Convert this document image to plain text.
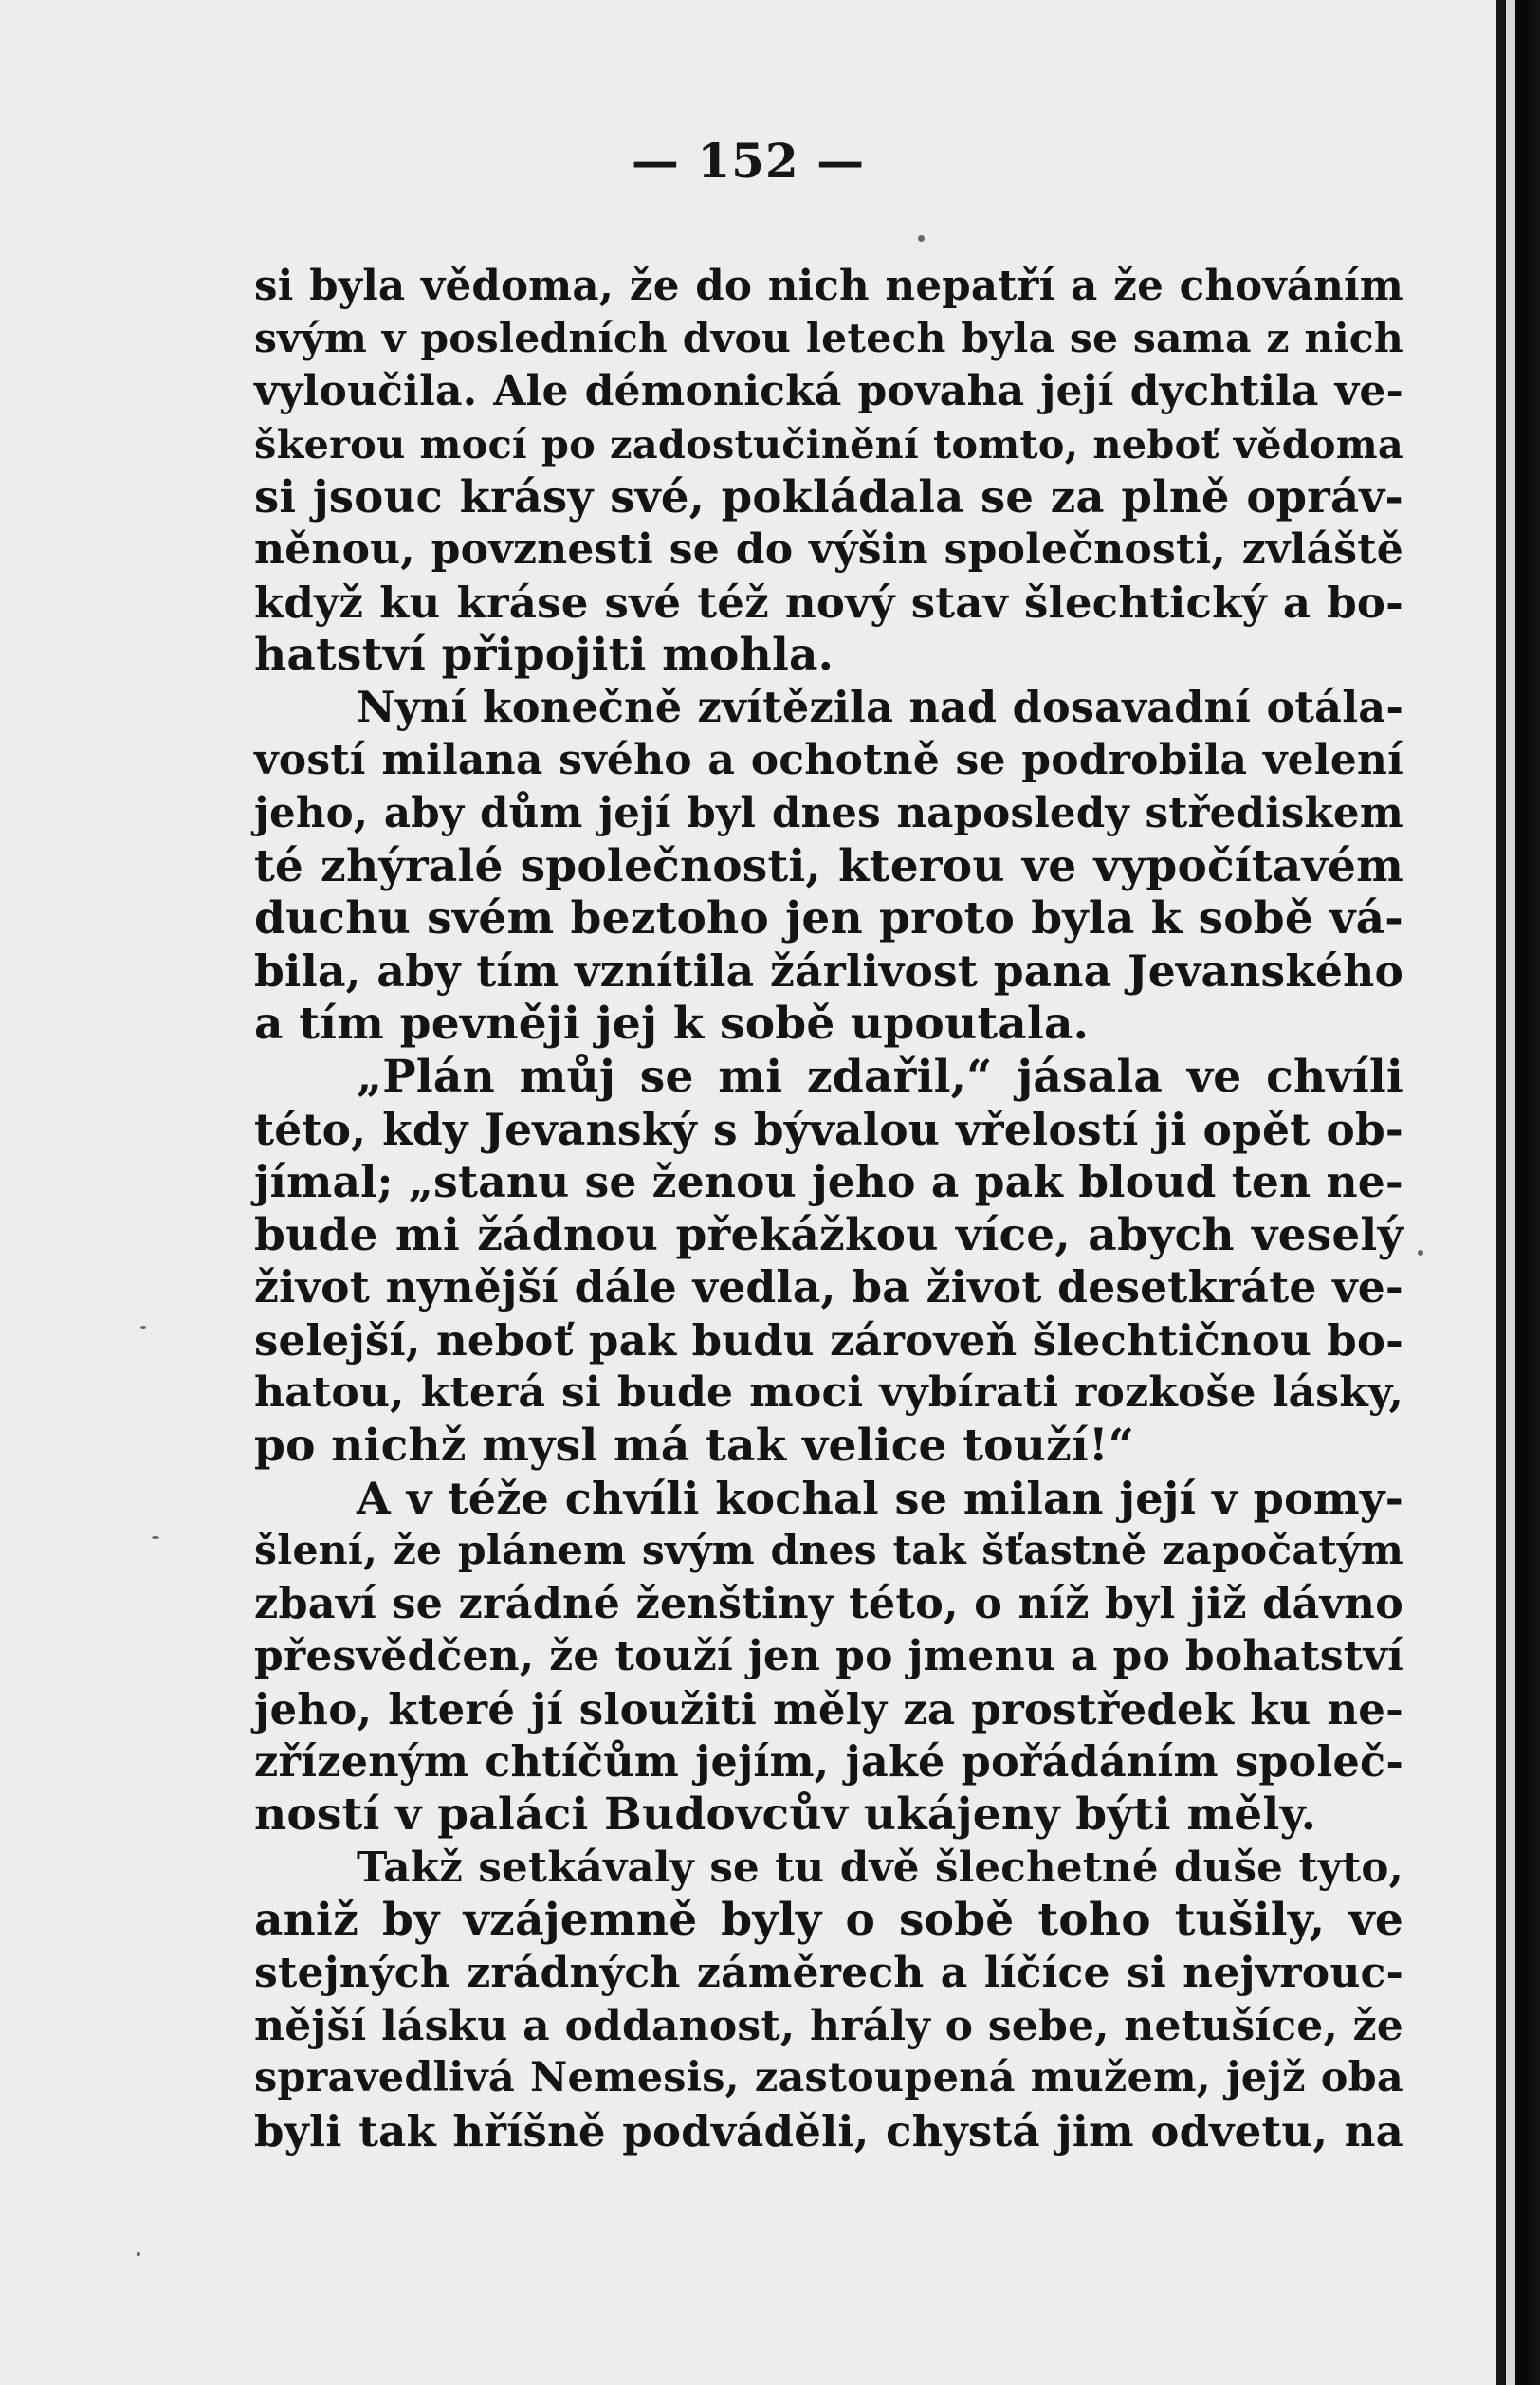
— 152 —
si byla vědoma, že do nich nepatří a že chováním
svým v posledních dvou letech byla se sama z nich
vyloučila. Ale démonická povaha její dychtila ve-
škerou mocí po zadostučinění tomto, neboť vědoma
si jsouc krásy své, pokládala se za plně opráv-
něnou, povznesti se do výšin společnosti, zvláště
když ku kráse své též nový stav šlechtický a bo-
hatství připojiti mohla.
Nyní konečně zvítězila nad dosavadní otála-
vostí milana svého a ochotně se podrobila velení
jeho, aby dům její byl dnes naposledy střediskem
té zhýralé společnosti, kterou ve vypočítavém
duchu svém beztoho jen proto byla k sobě vá-
bila, aby tím vznítila žárlivost pana Jevanského
a tím pevněji jej k sobě upoutala.
„Plán můj se mi zdařil,“ jásala ve chvíli
této, kdy Jevanský s bývalou vřelostí ji opět ob-
jímal; „stanu se ženou jeho a pak bloud ten ne-
bude mi žádnou překážkou více, abych veselý
život nynější dále vedla, ba život desetkráte ve-
selejší, neboť pak budu zároveň šlechtičnou bo-
hatou, která si bude moci vybírati rozkoše lásky,
po nichž mysl má tak velice touží!“
A v téže chvíli kochal se milan její v pomy-
šlení, že plánem svým dnes tak šťastně započatým
zbaví se zrádné ženštiny této, o níž byl již dávno
přesvědčen, že touží jen po jmenu a po bohatství
jeho, které jí sloužiti měly za prostředek ku ne-
zřízeným chtíčům jejím, jaké pořádáním společ-
ností v paláci Budovcův ukájeny býti měly.
Takž setkávaly se tu dvě šlechetné duše tyto,
aniž by vzájemně byly o sobě toho tušily, ve
stejných zrádných záměrech a líčíce si nejvrouc-
nější lásku a oddanost, hrály o sebe, netušíce, že
spravedlivá Nemesis, zastoupená mužem, jejž oba
byli tak hříšně podváděli, chystá jim odvetu, na
